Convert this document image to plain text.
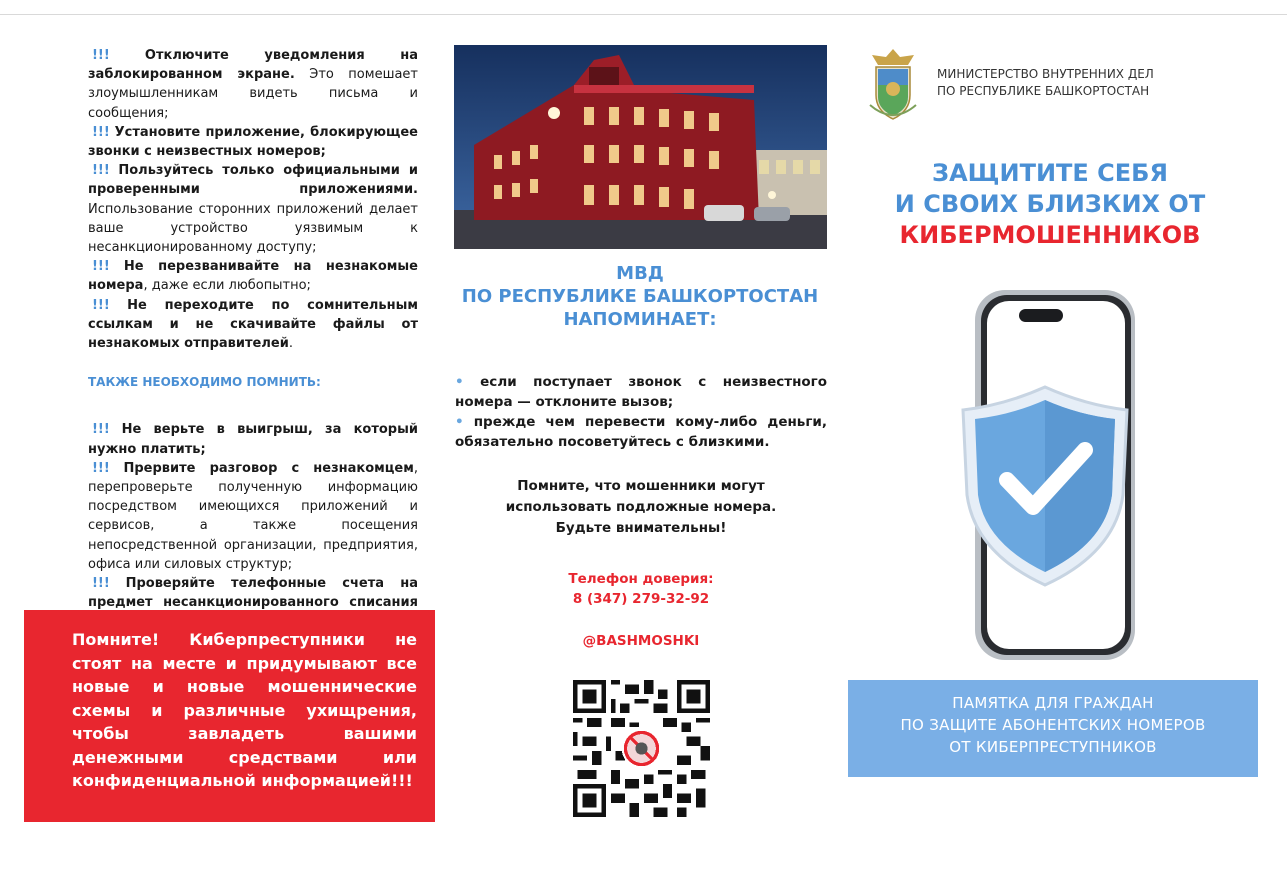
!!!	Отключите уведомления на заблокированном экране. Это помешает злоумышленникам видеть письма и сообщения;

!!! Установите приложение, блокирующее звонки с неизвестных номеров;

!!! Пользуйтесь только официальными и проверенными приложениями. Использование сторонних приложений делает ваше устройство уязвимым к несанкционированному доступу;

!!! Не перезванивайте на незнакомые номера, даже если любопытно;

!!! Не переходите по сомнительным ссылкам и не скачивайте файлы от незнакомых отправителей.

ТАКЖЕ НЕОБХОДИМО ПОМНИТЬ:

!!! Не верьте в выигрыш, за который нужно платить;

!!! Прервите разговор с незнакомцем, перепроверьте полученную информацию посредством имеющихся приложений и сервисов, а также посещения непосредственной организации, предприятия, офиса или силовых структур;

!!! Проверяйте телефонные счета на предмет несанкционированного списания

Помните! Киберпреступники не стоят на месте и придумывают все новые и новые мошеннические схемы и различные ухищрения, чтобы завладеть вашими денежными средствами или конфиденциальной информацией!!!
МВД
ПО РЕСПУБЛИКЕ БАШКОРТОСТАН
НАПОМИНАЕТ:

• если поступает звонок с неизвестного номера — отклоните вызов;

• прежде чем перевести кому-либо деньги, обязательно посоветуйтесь с близкими.

Помните, что мошенники могут
использовать подложные номера.
Будьте внимательны!
Телефон доверия:
8 (347) 279-32-92
@BASHMOSHKI
МИНИСТЕРСТВО ВНУТРЕННИХ ДЕЛ
ПО РЕСПУБЛИКЕ БАШКОРТОСТАН
ЗАЩИТИТЕ СЕБЯ
И СВОИХ БЛИЗКИХ ОТ
КИБЕРМОШЕННИКОВ
ПАМЯТКА ДЛЯ ГРАЖДАН
ПО ЗАЩИТЕ АБОНЕНТСКИХ НОМЕРОВ
ОТ КИБЕРПРЕСТУПНИКОВ
